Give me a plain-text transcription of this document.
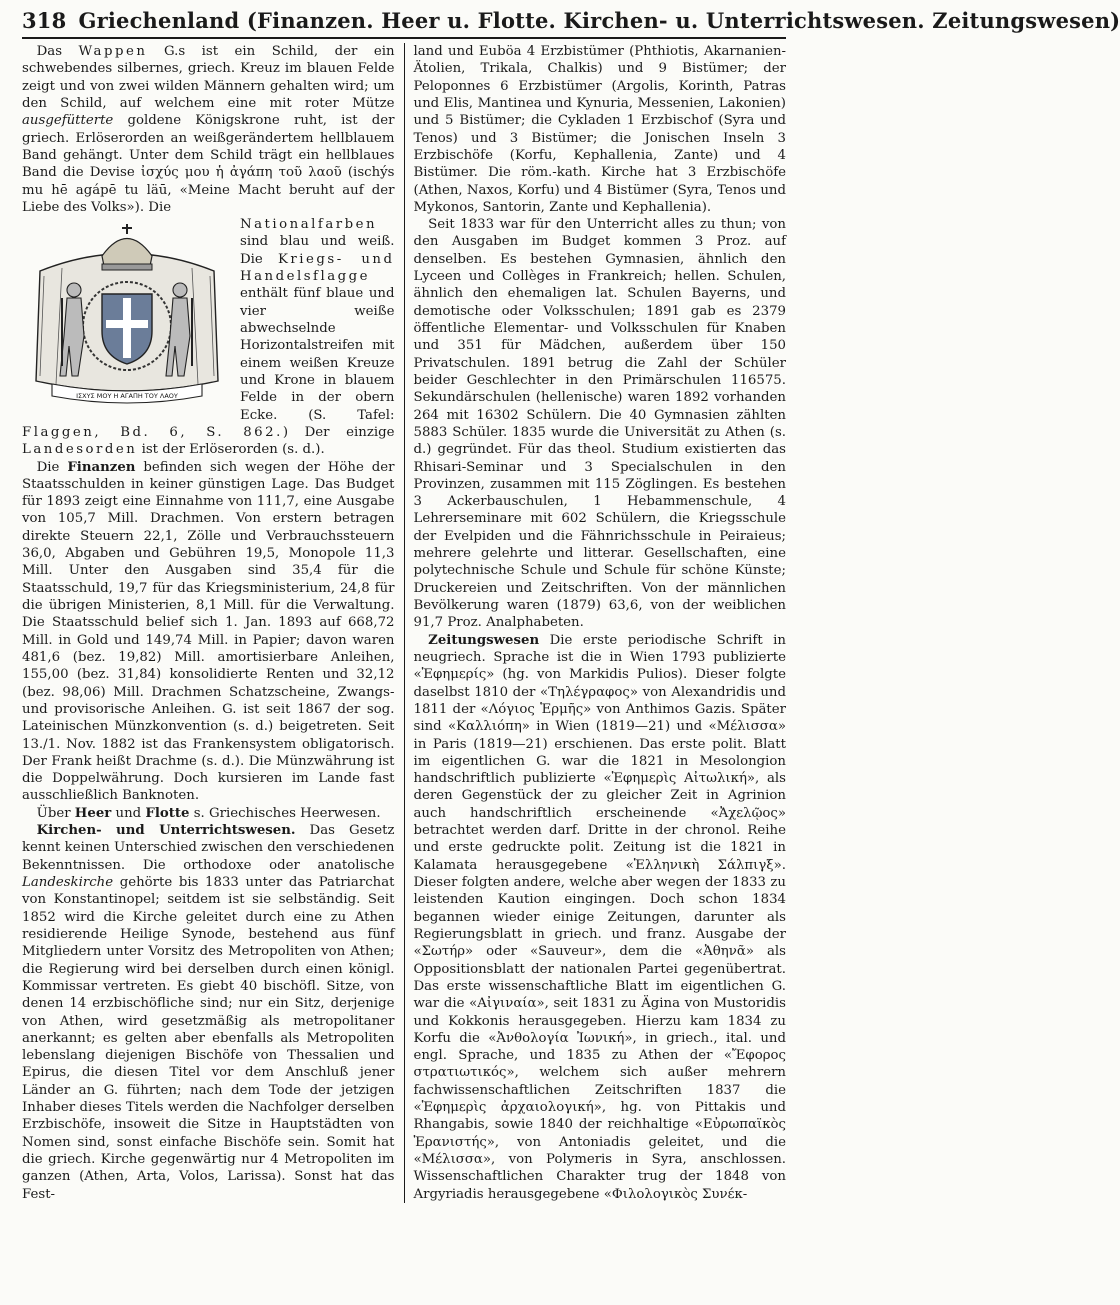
318 Griechenland (Finanzen. Heer u. Flotte. Kirchen- u. Unterrichtswesen. Zeitungswesen)

Das Wappen G.s ist ein Schild, der ein schwebendes silbernes, griech. Kreuz im blauen Felde zeigt und von zwei wilden Männern gehalten wird; um den Schild, auf welchem eine mit roter Mütze ausgefütterte goldene Königskrone ruht, ist der griech. Erlöserorden an weißgerändertem hellblauem Band gehängt. Unter dem Schild trägt ein hellblaues Band die Devise ἰσχύς μου ἡ ἀγάπη τοῦ λαοῦ (ischýs mu hē agápē tu läū, «Meine Macht beruht auf der Liebe des Volks»). Die

ΙΣΧΥΣ ΜΟΥ Η ΑΓΑΠΗ ΤΟΥ ΛΑΟΥ

Nationalfarben sind blau und weiß. Die Kriegs- und Handelsflagge enthält fünf blaue und vier weiße abwechselnde Horizontalstreifen mit einem weißen Kreuze und Krone in blauem Felde in der obern Ecke. (S. Tafel: Flaggen, Bd. 6, S. 862.) Der einzige Landesorden ist der Erlöserorden (s. d.).

Die Finanzen befinden sich wegen der Höhe der Staatsschulden in keiner günstigen Lage. Das Budget für 1893 zeigt eine Einnahme von 111,7, eine Ausgabe von 105,7 Mill. Drachmen. Von erstern betragen direkte Steuern 22,1, Zölle und Verbrauchssteuern 36,0, Abgaben und Gebühren 19,5, Monopole 11,3 Mill. Unter den Ausgaben sind 35,4 für die Staatsschuld, 19,7 für das Kriegsministerium, 24,8 für die übrigen Ministerien, 8,1 Mill. für die Verwaltung. Die Staatsschuld belief sich 1. Jan. 1893 auf 668,72 Mill. in Gold und 149,74 Mill. in Papier; davon waren 481,6 (bez. 19,82) Mill. amortisierbare Anleihen, 155,00 (bez. 31,84) konsolidierte Renten und 32,12 (bez. 98,06) Mill. Drachmen Schatzscheine, Zwangs- und provisorische Anleihen. G. ist seit 1867 der sog. Lateinischen Münzkonvention (s. d.) beigetreten. Seit 13./1. Nov. 1882 ist das Frankensystem obligatorisch. Der Frank heißt Drachme (s. d.). Die Münzwährung ist die Doppelwährung. Doch kursieren im Lande fast ausschließlich Banknoten.

Über Heer und Flotte s. Griechisches Heerwesen.

Kirchen- und Unterrichtswesen. Das Gesetz kennt keinen Unterschied zwischen den verschiedenen Bekenntnissen. Die orthodoxe oder anatolische Landeskirche gehörte bis 1833 unter das Patriarchat von Konstantinopel; seitdem ist sie selbständig. Seit 1852 wird die Kirche geleitet durch eine zu Athen residierende Heilige Synode, bestehend aus fünf Mitgliedern unter Vorsitz des Metropoliten von Athen; die Regierung wird bei derselben durch einen königl. Kommissar vertreten. Es giebt 40 bischöfl. Sitze, von denen 14 erzbischöfliche sind; nur ein Sitz, derjenige von Athen, wird gesetzmäßig als metropolitaner anerkannt; es gelten aber ebenfalls als Metropoliten lebenslang diejenigen Bischöfe von Thessalien und Epirus, die diesen Titel vor dem Anschluß jener Länder an G. führten; nach dem Tode der jetzigen Inhaber dieses Titels werden die Nachfolger derselben Erzbischöfe, insoweit die Sitze in Hauptstädten von Nomen sind, sonst einfache Bischöfe sein. Somit hat die griech. Kirche gegenwärtig nur 4 Metropoliten im ganzen (Athen, Arta, Volos, Larissa). Sonst hat das Fest-

land und Euböa 4 Erzbistümer (Phthiotis, Akarnanien-Ätolien, Trikala, Chalkis) und 9 Bistümer; der Peloponnes 6 Erzbistümer (Argolis, Korinth, Patras und Elis, Mantinea und Kynuria, Messenien, Lakonien) und 5 Bistümer; die Cykladen 1 Erzbischof (Syra und Tenos) und 3 Bistümer; die Jonischen Inseln 3 Erzbischöfe (Korfu, Kephallenia, Zante) und 4 Bistümer. Die röm.-kath. Kirche hat 3 Erzbischöfe (Athen, Naxos, Korfu) und 4 Bistümer (Syra, Tenos und Mykonos, Santorin, Zante und Kephallenia).

Seit 1833 war für den Unterricht alles zu thun; von den Ausgaben im Budget kommen 3 Proz. auf denselben. Es bestehen Gymnasien, ähnlich den Lyceen und Collèges in Frankreich; hellen. Schulen, ähnlich den ehemaligen lat. Schulen Bayerns, und demotische oder Volksschulen; 1891 gab es 2379 öffentliche Elementar- und Volksschulen für Knaben und 351 für Mädchen, außerdem über 150 Privatschulen. 1891 betrug die Zahl der Schüler beider Geschlechter in den Primärschulen 116575. Sekundärschulen (hellenische) waren 1892 vorhanden 264 mit 16302 Schülern. Die 40 Gymnasien zählten 5883 Schüler. 1835 wurde die Universität zu Athen (s. d.) gegründet. Für das theol. Studium existierten das Rhisari-Seminar und 3 Specialschulen in den Provinzen, zusammen mit 115 Zöglingen. Es bestehen 3 Ackerbauschulen, 1 Hebammenschule, 4 Lehrerseminare mit 602 Schülern, die Kriegsschule der Evelpiden und die Fähnrichsschule in Peiraieus; mehrere gelehrte und litterar. Gesellschaften, eine polytechnische Schule und Schule für schöne Künste; Druckereien und Zeitschriften. Von der männlichen Bevölkerung waren (1879) 63,6, von der weiblichen 91,7 Proz. Analphabeten.

Zeitungswesen Die erste periodische Schrift in neugriech. Sprache ist die in Wien 1793 publizierte «Ἐφημερίς» (hg. von Markidis Pulios). Dieser folgte daselbst 1810 der «Τηλέγραφος» von Alexandridis und 1811 der «Λόγιος Ἑρμῆς» von Anthimos Gazis. Später sind «Καλλιόπη» in Wien (1819—21) und «Μέλισσα» in Paris (1819—21) erschienen. Das erste polit. Blatt im eigentlichen G. war die 1821 in Mesolongion handschriftlich publizierte «Ἐφημερὶς Αἰτωλική», als deren Gegenstück der zu gleicher Zeit in Agrinion auch handschriftlich erscheinende «Ἀχελῷος» betrachtet werden darf. Dritte in der chronol. Reihe und erste gedruckte polit. Zeitung ist die 1821 in Kalamata herausgegebene «Ἑλληνικὴ Σάλπιγξ». Dieser folgten andere, welche aber wegen der 1833 zu leistenden Kaution eingingen. Doch schon 1834 begannen wieder einige Zeitungen, darunter als Regierungsblatt in griech. und franz. Ausgabe der «Σωτήρ» oder «Sauveur», dem die «Ἀθηνᾶ» als Oppositionsblatt der nationalen Partei gegenübertrat. Das erste wissenschaftliche Blatt im eigentlichen G. war die «Αἰγιναία», seit 1831 zu Ägina von Mustoridis und Kokkonis herausgegeben. Hierzu kam 1834 zu Korfu die «Ἀνθολογία Ἰωνική», in griech., ital. und engl. Sprache, und 1835 zu Athen der «Ἔφορος στρατιωτικός», welchem sich außer mehrern fachwissenschaftlichen Zeitschriften 1837 die «Ἐφημερὶς ἀρχαιολογική», hg. von Pittakis und Rhangabis, sowie 1840 der reichhaltige «Εὐρωπαϊκὸς Ἐρανιστής», von Antoniadis geleitet, und die «Μέλισσα», von Polymeris in Syra, anschlossen. Wissenschaftlichen Charakter trug der 1848 von Argyriadis herausgegebene «Φιλολογικὸς Συνέκ-
